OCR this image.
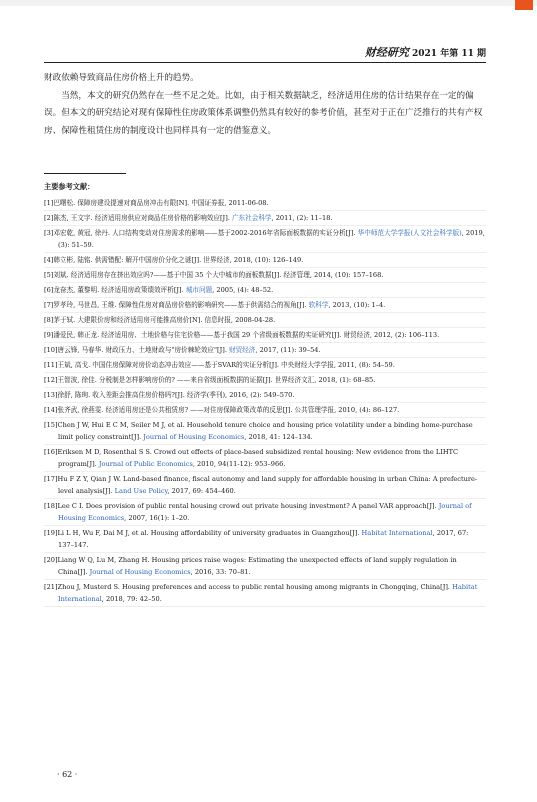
财经研究 2021 年第 11 期

财政依赖导致商品住房价格上升的趋势。

当然，本文的研究仍然存在一些不足之处。比如，由于相关数据缺乏，经济适用住房的估计结果存在一定的偏误。但本文的研究结论对现有保障性住房政策体系调整仍然具有较好的参考价值，甚至对于正在广泛推行的共有产权房、保障性租赁住房的制度设计也同样具有一定的借鉴意义。

主要参考文献：
[1]巴曙松. 保障房建设提速对商品房冲击有限[N]. 中国证券报, 2011-06-08.
[2]陈杰, 王文宇. 经济适用房供应对商品住房价格的影响效应[J]. 广东社会科学, 2011, (2): 11–18.
[3]邓宏乾, 黄冠, 徐丹. 人口结构变动对住房需求的影响——基于2002-2016年省际面板数据的实证分析[J]. 华中师范大学学报(人文社会科学版), 2019, (3): 51–59.
[4]韩立彬, 陆铭. 供需错配: 解开中国房价分化之谜[J]. 世界经济, 2018, (10): 126–149.
[5]刘斌. 经济适用房存在挤出效应吗?——基于中国 35 个大中城市的面板数据[J]. 经济管理, 2014, (10): 157–168.
[6]龙奋杰, 董黎明. 经济适用房政策绩效评析[J]. 城市问题, 2005, (4): 48–52.
[7]罗孝玲, 马世昌, 王维. 保障性住房对商品房价格的影响研究——基于供需结合的视角[J]. 软科学, 2013, (10): 1–4.
[8]茅于轼. 大建限价房和经济适用房可能推高房价[N]. 信息时报, 2008-04-28.
[9]潘爱民, 韩正龙. 经济适用房、土地价格与住宅价格——基于我国 29 个省级面板数据的实证研究[J]. 财贸经济, 2012, (2): 106–113.
[10]唐云锋, 马春华. 财政压力、土地财政与"房价棘轮效应"[J]. 财贸经济, 2017, (11): 39–54.
[11]王斌, 高戈. 中国住房保障对房价动态冲击效应——基于SVAR的实证分析[J]. 中央财经大学学报, 2011, (8): 54–59.
[12]王智波, 徐佳. 分税制是怎样影响房价的? ——来自省级面板数据的证据[J]. 世界经济文汇, 2018, (1): 68–85.
[13]徐舒, 陈珣. 收入差距会推高住房价格吗?[J]. 经济学(季刊), 2016, (2): 549–570.
[14]张齐武, 徐燕雯. 经济适用房还是公共租赁房? ——对住房保障政策改革的反思[J]. 公共管理学报, 2010, (4): 86–127.
[15]Chen J W, Hui E C M, Seiler M J, et al. Household tenure choice and housing price volatility under a binding home-purchase limit policy constraint[J]. Journal of Housing Economics, 2018, 41: 124–134.
[16]Eriksen M D, Rosenthal S S. Crowd out effects of place-based subsidized rental housing: New evidence from the LIHTC program[J]. Journal of Public Economics, 2010, 94(11-12): 953–966.
[17]Hu F Z Y, Qian J W. Land-based finance, fiscal autonomy and land supply for affordable housing in urban China: A prefecture-level analysis[J]. Land Use Policy, 2017, 69: 454–460.
[18]Lee C I. Does provision of public rental housing crowd out private housing investment? A panel VAR approach[J]. Journal of Housing Economics, 2007, 16(1): 1–20.
[19]Li L H, Wu F, Dai M J, et al. Housing affordability of university graduates in Guangzhou[J]. Habitat International, 2017, 67: 137–147.
[20]Liang W Q, Lu M, Zhang H. Housing prices raise wages: Estimating the unexpected effects of land supply regulation in China[J]. Journal of Housing Economics, 2016, 33: 70–81.
[21]Zhou J, Musterd S. Housing preferences and access to public rental housing among migrants in Chongqing, China[J]. Habitat International, 2018, 79: 42–50.
· 62 ·
